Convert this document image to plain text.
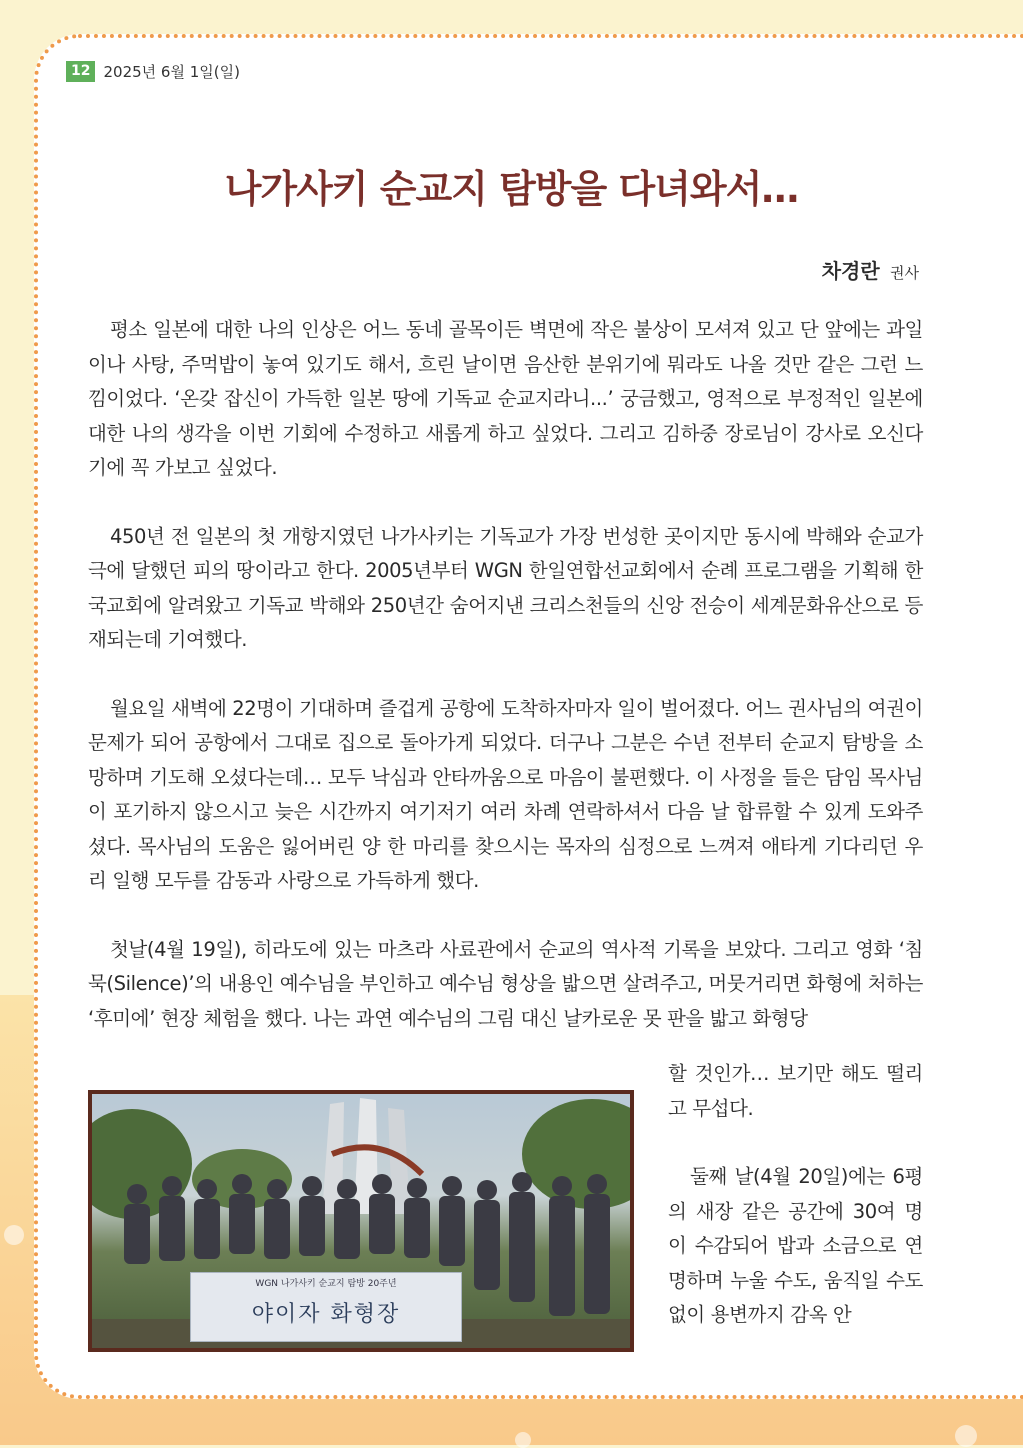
12 2025년 6월 1일(일)
나가사키 순교지 탐방을 다녀와서…
차경란 권사

평소 일본에 대한 나의 인상은 어느 동네 골목이든 벽면에 작은 불상이 모셔져 있고 단 앞에는 과일이나 사탕, 주먹밥이 놓여 있기도 해서, 흐린 날이면 음산한 분위기에 뭐라도 나올 것만 같은 그런 느낌이었다. ‘온갖 잡신이 가득한 일본 땅에 기독교 순교지라니...’ 궁금했고, 영적으로 부정적인 일본에 대한 나의 생각을 이번 기회에 수정하고 새롭게 하고 싶었다. 그리고 김하중 장로님이 강사로 오신다기에 꼭 가보고 싶었다.

450년 전 일본의 첫 개항지였던 나가사키는 기독교가 가장 번성한 곳이지만 동시에 박해와 순교가 극에 달했던 피의 땅이라고 한다. 2005년부터 WGN 한일연합선교회에서 순례 프로그램을 기획해 한국교회에 알려왔고 기독교 박해와 250년간 숨어지낸 크리스천들의 신앙 전승이 세계문화유산으로 등재되는데 기여했다.

월요일 새벽에 22명이 기대하며 즐겁게 공항에 도착하자마자 일이 벌어졌다. 어느 권사님의 여권이 문제가 되어 공항에서 그대로 집으로 돌아가게 되었다. 더구나 그분은 수년 전부터 순교지 탐방을 소망하며 기도해 오셨다는데… 모두 낙심과 안타까움으로 마음이 불편했다. 이 사정을 들은 담임 목사님이 포기하지 않으시고 늦은 시간까지 여기저기 여러 차례 연락하셔서 다음 날 합류할 수 있게 도와주셨다. 목사님의 도움은 잃어버린 양 한 마리를 찾으시는 목자의 심정으로 느껴져 애타게 기다리던 우리 일행 모두를 감동과 사랑으로 가득하게 했다.

첫날(4월 19일), 히라도에 있는 마츠라 사료관에서 순교의 역사적 기록을 보았다. 그리고 영화 ‘침묵(Silence)’의 내용인 예수님을 부인하고 예수님 형상을 밟으면 살려주고, 머뭇거리면 화형에 처하는 ‘후미에’ 현장 체험을 했다. 나는 과연 예수님의 그림 대신 날카로운 못 판을 밟고 화형당

할 것인가… 보기만 해도 떨리고 무섭다.

둘째 날(4월 20일)에는 6평의 새장 같은 공간에 30여 명이 수감되어 밥과 소금으로 연명하며 누울 수도, 움직일 수도 없이 용변까지 감옥 안

WGN 나가사키 순교지 탐방 20주년
야이자 화형장
